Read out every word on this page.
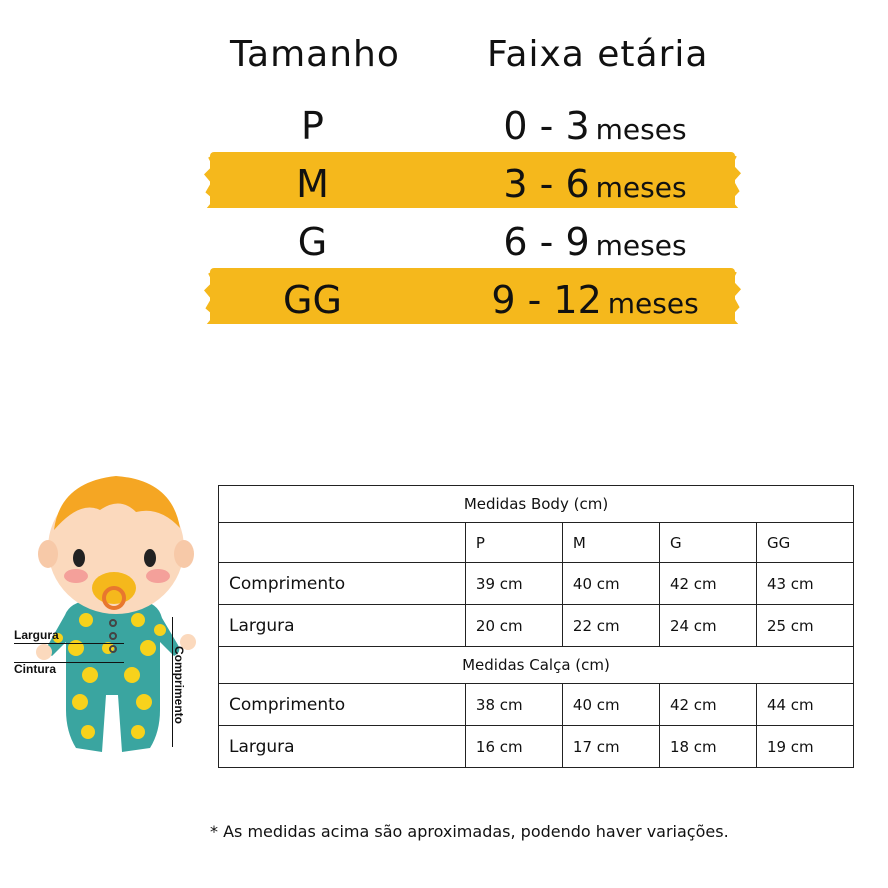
Tamanho Faixa etária
P	0 - 3 meses
M	3 - 6 meses
G	6 - 9 meses
GG	9 - 12 meses
Largura
Cintura	Comprimento
Medidas Body (cm)				
	P	M	G	GG
Comprimento	39 cm	40 cm	42 cm	43 cm
Largura	20 cm	22 cm	24 cm	25 cm
Medidas Calça (cm)				
Comprimento	38 cm	40 cm	42 cm	44 cm
Largura	16 cm	17 cm	18 cm	19 cm
* As medidas acima são aproximadas, podendo haver variações.
